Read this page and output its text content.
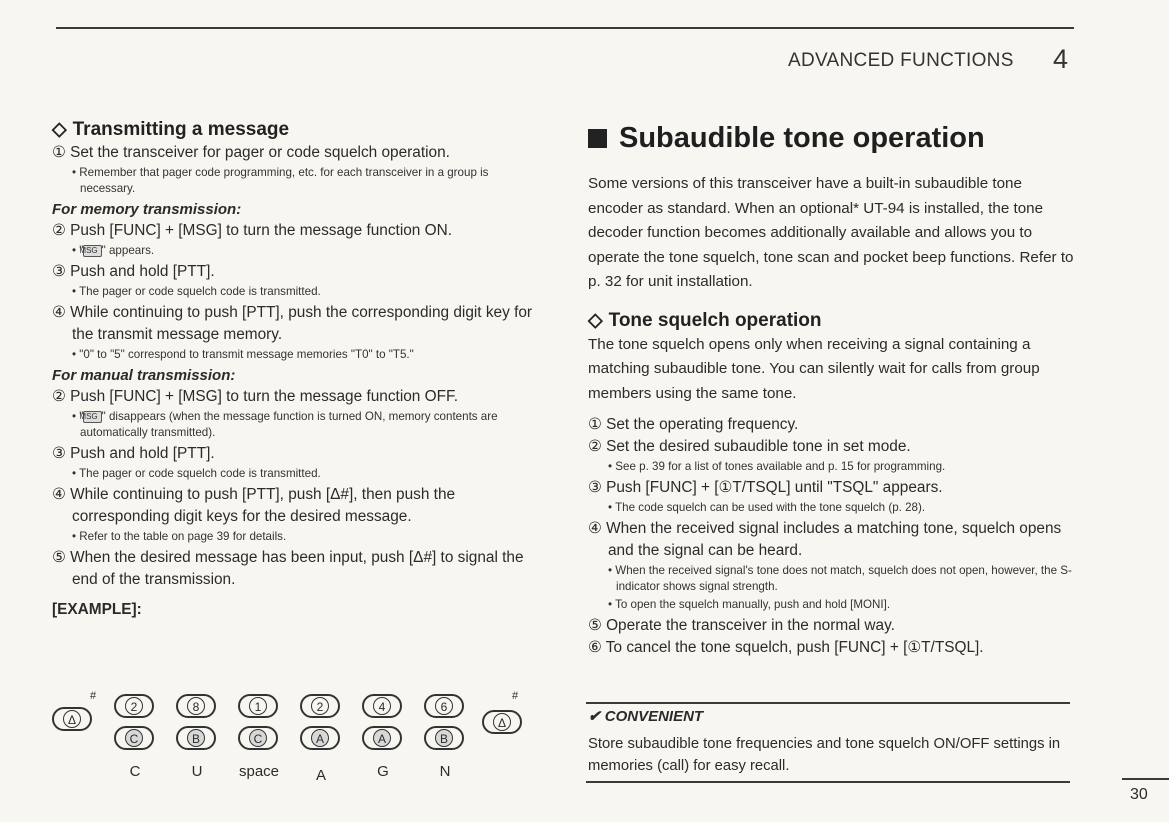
ADVANCED FUNCTIONS 4

◇ Transmitting a message

① Set the transceiver for pager or code squelch operation.

• Remember that pager code programming, etc. for each transceiver in a group is necessary.

For memory transmission:

② Push [FUNC] + [MSG] to turn the message function ON.

• "MSG " appears.

③ Push and hold [PTT].

• The pager or code squelch code is transmitted.

④ While continuing to push [PTT], push the corresponding digit key for the transmit message memory.

• "0" to "5" correspond to transmit message memories "T0" to "T5."

For manual transmission:

② Push [FUNC] + [MSG] to turn the message function OFF.

• "MSG " disappears (when the message function is turned ON, memory contents are automatically transmitted).

③ Push and hold [PTT].

• The pager or code squelch code is transmitted.

④ While continuing to push [PTT], push [Δ#], then push the corresponding digit keys for the desired message.

• Refer to the table on page 39 for details.

⑤ When the desired message has been input, push [Δ#] to signal the end of the transmission.

[EXAMPLE]:

#
Δ
2	8	1	2	4	6
C	B	C	A	A	B
#
Δ
C	U	space	A	G	N

Subaudible tone operation

Some versions of this transceiver have a built-in subaudible tone encoder as standard. When an optional* UT-94 is installed, the tone decoder function becomes additionally available and allows you to operate the tone squelch, tone scan and pocket beep functions. Refer to p. 32 for unit installation.

◇ Tone squelch operation

The tone squelch opens only when receiving a signal containing a matching subaudible tone. You can silently wait for calls from group members using the same tone.

① Set the operating frequency.

② Set the desired subaudible tone in set mode.

• See p. 39 for a list of tones available and p. 15 for programming.

③ Push [FUNC] + [①T/TSQL] until "TSQL" appears.

• The code squelch can be used with the tone squelch (p. 28).

④ When the received signal includes a matching tone, squelch opens and the signal can be heard.

• When the received signal's tone does not match, squelch does not open, however, the S-indicator shows signal strength.

• To open the squelch manually, push and hold [MONI].

⑤ Operate the transceiver in the normal way.

⑥ To cancel the tone squelch, push [FUNC] + [①T/TSQL].

✔ CONVENIENT
Store subaudible tone frequencies and tone squelch ON/OFF settings in memories (call) for easy recall.
30
